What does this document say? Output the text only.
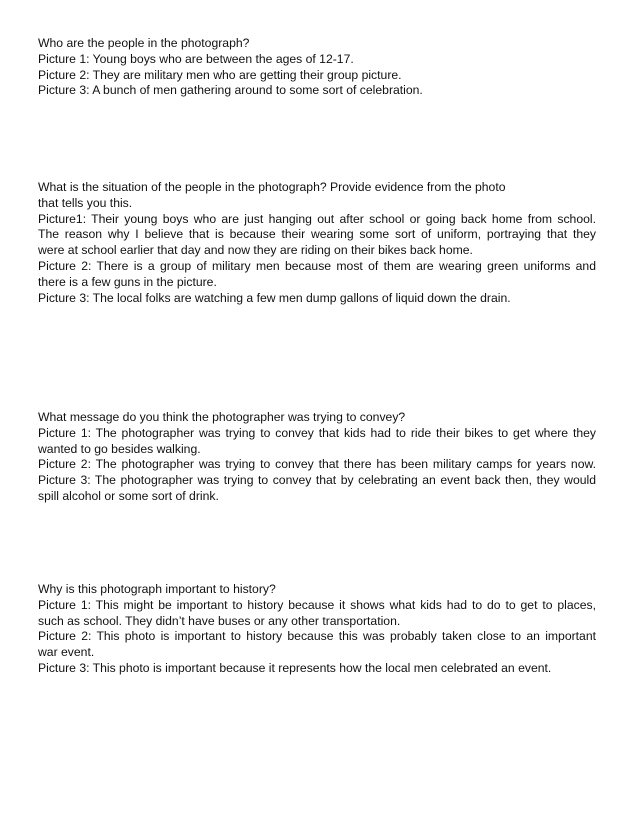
Who are the people in the photograph?

Picture 1: Young boys who are between the ages of 12-17.

Picture 2: They are military men who are getting their group picture.

Picture 3: A bunch of men gathering around to some sort of celebration.

What is the situation of the people in the photograph? Provide evidence from the photo

that tells you this.

Picture1: Their young boys who are just hanging out after school or going back home from school.

The reason why I believe that is because their wearing some sort of uniform, portraying that they

were at school earlier that day and now they are riding on their bikes back home.

Picture 2: There is a group of military men because most of them are wearing green uniforms and

there is a few guns in the picture.

Picture 3: The local folks are watching a few men dump gallons of liquid down the drain.

What message do you think the photographer was trying to convey?

Picture 1: The photographer was trying to convey that kids had to ride their bikes to get where they

wanted to go besides walking.

Picture 2: The photographer was trying to convey that there has been military camps for years now.

Picture 3: The photographer was trying to convey that by celebrating an event back then, they would

spill alcohol or some sort of drink.

Why is this photograph important to history?

Picture 1: This might be important to history because it shows what kids had to do to get to places,

such as school. They didn’t have buses or any other transportation.

Picture 2: This photo is important to history because this was probably taken close to an important

war event.

Picture 3: This photo is important because it represents how the local men celebrated an event.
